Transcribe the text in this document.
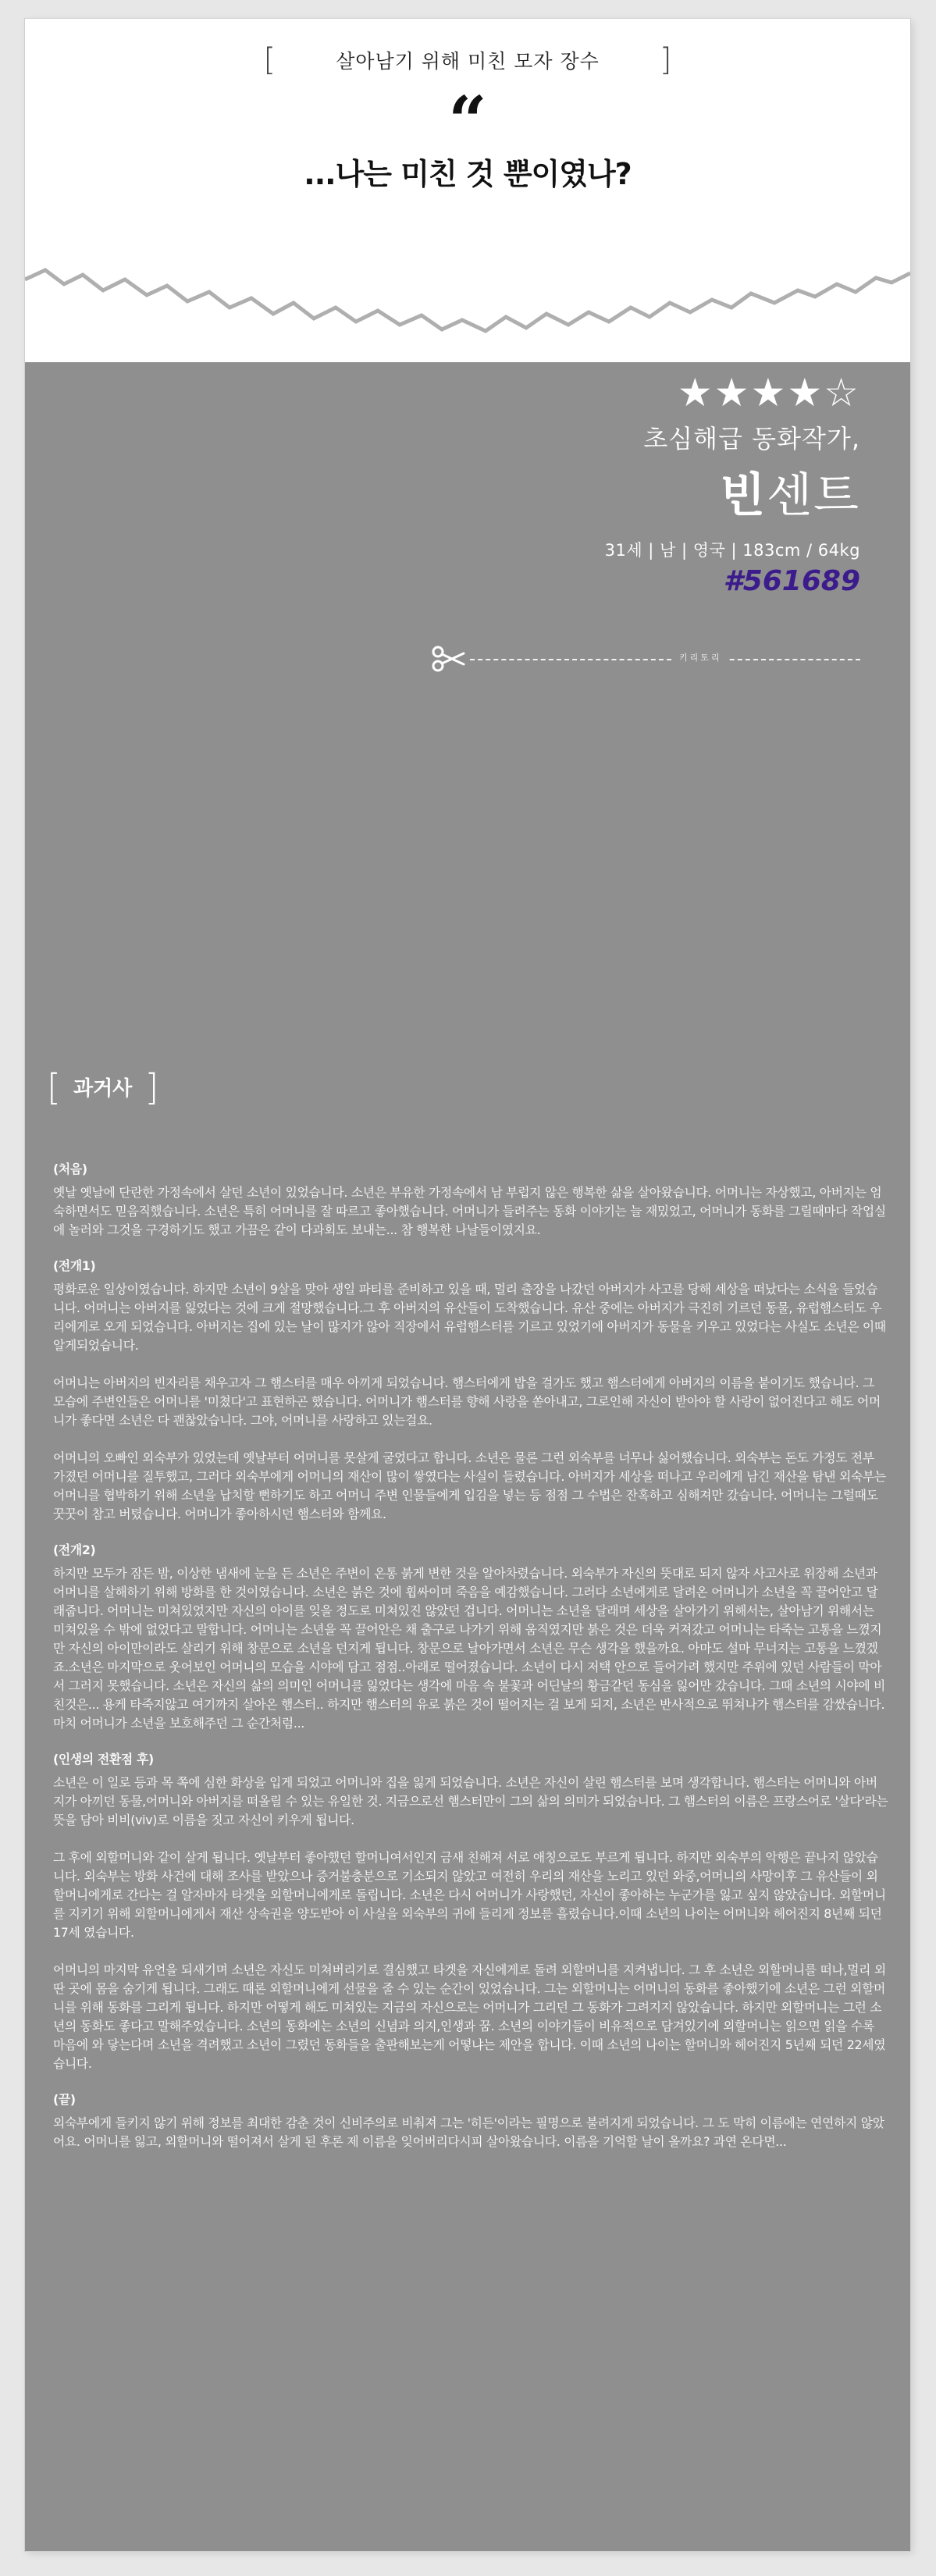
[	살아남기 위해 미친 모자 장수 ]
“
...나는 미친 것 뿐이였나?
★★★★☆
초심해급 동화작가,
빈센트
31세 | 남 | 영국 | 183cm / 64kg
#561689
키리토리
[ 과거사 ]
(처음)

옛날 옛날에 단란한 가정속에서 살던 소년이 있었습니다. 소년은 부유한 가정속에서 남 부럽지 않은 행복한 삶을 살아왔습니다. 어머니는 자상했고, 아버지는 엄숙하면서도 믿음직했습니다. 소년은 특히 어머니를 잘 따르고 좋아했습니다. 어머니가 들려주는 동화 이야기는 늘 재밌었고, 어머니가 동화를 그릴때마다 작업실에 놀러와 그것을 구경하기도 했고 가끔은 같이 다과회도 보내는... 참 행복한 나날들이였지요.

(전개1)

평화로운 일상이였습니다. 하지만 소년이 9살을 맞아 생일 파티를 준비하고 있을 때, 멀리 출장을 나갔던 아버지가 사고를 당해 세상을 떠났다는 소식을 들었습니다. 어머니는 아버지를 잃었다는 것에 크게 절망했습니다.그 후 아버지의 유산들이 도착했습니다. 유산 중에는 아버지가 극진히 기르던 동물, 유럽햄스터도 우리에게로 오게 되었습니다. 아버지는 집에 있는 날이 많지가 않아 직장에서 유럽햄스터를 기르고 있었기에 아버지가 동물을 키우고 있었다는 사실도 소년은 이때 알게되었습니다.

어머니는 아버지의 빈자리를 채우고자 그 햄스터를 매우 아끼게 되었습니다. 햄스터에게 밥을 걸가도 했고 햄스터에게 아버지의 이름을 붙이기도 했습니다. 그 모습에 주변인들은 어머니를 '미쳤다'고 표현하곤 했습니다. 어머니가 햄스터를 향해 사랑을 쏟아내고, 그로인해 자신이 받아야 할 사랑이 없어진다고 해도 어머니가 좋다면 소년은 다 괜찮았습니다. 그야, 어머니를 사랑하고 있는걸요.

어머니의 오빠인 외숙부가 있었는데 옛날부터 어머니를 못살게 굴었다고 합니다. 소년은 물론 그런 외숙부를 너무나 싫어했습니다. 외숙부는 돈도 가정도 전부 가졌던 어머니를 질투했고, 그러다 외숙부에게 어머니의 재산이 많이 쌓였다는 사실이 들렸습니다. 아버지가 세상을 떠나고 우리에게 남긴 재산을 탐낸 외숙부는 어머니를 협박하기 위해 소년을 납치할 뻔하기도 하고 어머니 주변 인물들에게 입김을 넣는 등 점점 그 수법은 잔혹하고 심해져만 갔습니다. 어머니는 그럴때도 꿋꿋이 참고 버텼습니다. 어머니가 좋아하시던 햄스터와 함께요.

(전개2)

하지만 모두가 잠든 밤, 이상한 냄새에 눈을 든 소년은 주변이 온통 붉게 변한 것을 알아차렸습니다. 외숙부가 자신의 뜻대로 되지 않자 사고사로 위장해 소년과 어머니를 살해하기 위해 방화를 한 것이였습니다. 소년은 붉은 것에 휩싸이며 죽음을 예감했습니다. 그러다 소년에게로 달려온 어머니가 소년을 꼭 끌어안고 달래줍니다. 어머니는 미쳐있었지만 자신의 아이를 잊을 정도로 미쳐있진 않았던 겁니다. 어머니는 소년을 달래며 세상을 살아가기 위해서는, 살아남기 위해서는 미쳐있을 수 밖에 없었다고 말합니다. 어머니는 소년을 꼭 끌어안은 채 출구로 나가기 위해 움직였지만 붉은 것은 더욱 커져갔고 어머니는 타죽는 고통을 느꼈지만 자신의 아이만이라도 살리기 위해 창문으로 소년을 던지게 됩니다. 창문으로 날아가면서 소년은 무슨 생각을 했을까요. 아마도 설마 무너지는 고통을 느꼈겠죠.소년은 마지막으로 웃어보인 어머니의 모습을 시야에 담고 점점..아래로 떨어졌습니다. 소년이 다시 저택 안으로 들어가려 했지만 주위에 있던 사람들이 막아서 그러지 못했습니다. 소년은 자신의 삶의 의미인 어머니를 잃었다는 생각에 마음 속 불꽃과 어딘날의 황금같던 동심을 잃어만 갔습니다. 그때 소년의 시야에 비친것은... 용케 타죽지않고 여기까지 살아온 햄스터.. 하지만 햄스터의 유로 붉은 것이 떨어지는 걸 보게 되지, 소년은 반사적으로 뛰쳐나가 햄스터를 감쌌습니다. 마치 어머니가 소년을 보호해주던 그 순간처럼...

(인생의 전환점 후)

소년은 이 일로 등과 목 쪽에 심한 화상을 입게 되었고 어머니와 집을 잃게 되었습니다. 소년은 자신이 살린 햄스터를 보며 생각합니다. 햄스터는 어머니와 아버지가 아끼던 동물,어머니와 아버지를 떠올릴 수 있는 유일한 것. 지금으로선 햄스터만이 그의 삶의 의미가 되었습니다. 그 햄스터의 이름은 프랑스어로 '살다'라는 뜻을 담아 비비(viv)로 이름을 짓고 자신이 키우게 됩니다.

그 후에 외할머니와 같이 살게 됩니다. 옛날부터 좋아했던 할머니여서인지 금새 친해져 서로 애칭으로도 부르게 됩니다. 하지만 외숙부의 악행은 끝나지 않았습니다. 외숙부는 방화 사건에 대해 조사를 받았으나 증거불충분으로 기소되지 않았고 여전히 우리의 재산을 노리고 있던 와중,어머니의 사망이후 그 유산들이 외할머니에게로 간다는 걸 알자마자 타겟을 외할머니에게로 돌립니다. 소년은 다시 어머니가 사랑했던, 자신이 좋아하는 누군가를 잃고 싶지 않았습니다. 외할머니를 지키기 위해 외할머니에게서 재산 상속권을 양도받아 이 사실을 외숙부의 귀에 들리게 정보를 흘렸습니다.이때 소년의 나이는 어머니와 헤어진지 8년째 되던 17세 였습니다.

어머니의 마지막 유언을 되새기며 소년은 자신도 미쳐버리기로 결심했고 타겟을 자신에게로 돌려 외할머니를 지켜냅니다. 그 후 소년은 외할머니를 떠나,멀리 외딴 곳에 몸을 숨기게 됩니다. 그래도 때론 외할머니에게 선물을 줄 수 있는 순간이 있었습니다. 그는 외할머니는 어머니의 동화를 좋아했기에 소년은 그런 외할머니를 위해 동화를 그리게 됩니다. 하지만 어떻게 해도 미쳐있는 지금의 자신으로는 어머니가 그리던 그 동화가 그려지지 않았습니다. 하지만 외할머니는 그런 소년의 동화도 좋다고 말해주었습니다. 소년의 동화에는 소년의 신념과 의지,인생과 꿈. 소년의 이야기들이 비유적으로 담겨있기에 외할머니는 읽으면 읽을 수록 마음에 와 닿는다며 소년을 격려했고 소년이 그렸던 동화들을 출판해보는게 어떻냐는 제안을 합니다. 이때 소년의 나이는 할머니와 헤어진지 5년째 되던 22세였습니다.

(끝)

외숙부에게 들키지 않기 위해 정보를 최대한 감춘 것이 신비주의로 비춰져 그는 '히든'이라는 필명으로 불려지게 되었습니다. 그 도 막히 이름에는 연연하지 않았어요. 어머니를 잃고, 외할머니와 떨어져서 살게 된 후론 제 이름을 잊어버리다시피 살아왔습니다. 이름을 기억할 날이 올까요? 과연 온다면...
